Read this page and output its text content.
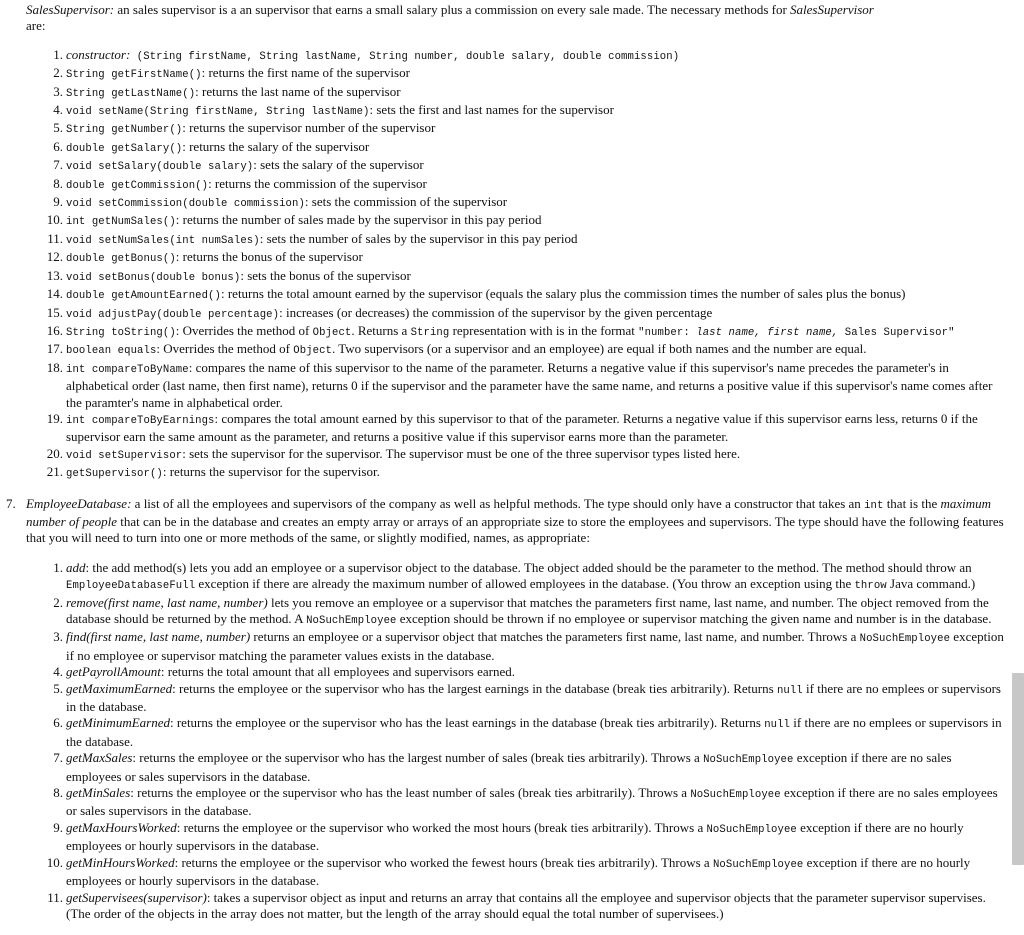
SalesSupervisor: an sales supervisor is a an supervisor that earns a small salary plus a commission on every sale made. The necessary methods for SalesSupervisor
are:
1. constructor: (String firstName, String lastName, String number, double salary, double commission)
2. String getFirstName(): returns the first name of the supervisor
3. String getLastName(): returns the last name of the supervisor
4. void setName(String firstName, String lastName): sets the first and last names for the supervisor
5. String getNumber(): returns the supervisor number of the supervisor
6. double getSalary(): returns the salary of the supervisor
7. void setSalary(double salary): sets the salary of the supervisor
8. double getCommission(): returns the commission of the supervisor
9. void setCommission(double commission): sets the commission of the supervisor
10. int getNumSales(): returns the number of sales made by the supervisor in this pay period
11. void setNumSales(int numSales): sets the number of sales by the supervisor in this pay period
12. double getBonus(): returns the bonus of the supervisor
13. void setBonus(double bonus): sets the bonus of the supervisor
14. double getAmountEarned(): returns the total amount earned by the supervisor (equals the salary plus the commission times the number of sales plus the bonus)
15. void adjustPay(double percentage): increases (or decreases) the commission of the supervisor by the given percentage
16. String toString(): Overrides the method of Object. Returns a String representation with is in the format "number: last name, first name, Sales Supervisor"
17. boolean equals: Overrides the method of Object. Two supervisors (or a supervisor and an employee) are equal if both names and the number are equal.
18. int compareToByName: compares the name of this supervisor to the name of the parameter. Returns a negative value if this supervisor's name precedes the parameter's in alphabetical order (last name, then first name), returns 0 if the supervisor and the parameter have the same name, and returns a positive value if this supervisor's name comes after the paramter's name in alphabetical order.
19. int compareToByEarnings: compares the total amount earned by this supervisor to that of the parameter. Returns a negative value if this supervisor earns less, returns 0 if the supervisor earn the same amount as the parameter, and returns a positive value if this supervisor earns more than the parameter.
20. void setSupervisor: sets the supervisor for the supervisor. The supervisor must be one of the three supervisor types listed here.
21. getSupervisor(): returns the supervisor for the supervisor.
7. EmployeeDatabase: a list of all the employees and supervisors of the company as well as helpful methods. The type should only have a constructor that takes an int that is the maximum number of people that can be in the database and creates an empty array or arrays of an appropriate size to store the employees and supervisors. The type should have the following features that you will need to turn into one or more methods of the same, or slightly modified, names, as appropriate:
1. add: the add method(s) lets you add an employee or a supervisor object to the database. The object added should be the parameter to the method. The method should throw an EmployeeDatabaseFull exception if there are already the maximum number of allowed employees in the database. (You throw an exception using the throw Java command.)
2. remove(first name, last name, number) lets you remove an employee or a supervisor that matches the parameters first name, last name, and number. The object removed from the database should be returned by the method. A NoSuchEmployee exception should be thrown if no employee or supervisor matching the given name and number is in the database.
3. find(first name, last name, number) returns an employee or a supervisor object that matches the parameters first name, last name, and number. Throws a NoSuchEmployee exception if no employee or supervisor matching the parameter values exists in the database.
4. getPayrollAmount: returns the total amount that all employees and supervisors earned.
5. getMaximumEarned: returns the employee or the supervisor who has the largest earnings in the database (break ties arbitrarily). Returns null if there are no emplees or supervisors in the database.
6. getMinimumEarned: returns the employee or the supervisor who has the least earnings in the database (break ties arbitrarily). Returns null if there are no emplees or supervisors in the database.
7. getMaxSales: returns the employee or the supervisor who has the largest number of sales (break ties arbitrarily). Throws a NoSuchEmployee exception if there are no sales employees or sales supervisors in the database.
8. getMinSales: returns the employee or the supervisor who has the least number of sales (break ties arbitrarily). Throws a NoSuchEmployee exception if there are no sales employees or sales supervisors in the database.
9. getMaxHoursWorked: returns the employee or the supervisor who worked the most hours (break ties arbitrarily). Throws a NoSuchEmployee exception if there are no hourly employees or hourly supervisors in the database.
10. getMinHoursWorked: returns the employee or the supervisor who worked the fewest hours (break ties arbitrarily). Throws a NoSuchEmployee exception if there are no hourly employees or hourly supervisors in the database.
11. getSupervisees(supervisor): takes a supervisor object as input and returns an array that contains all the employee and supervisor objects that the parameter supervisor supervises. (The order of the objects in the array does not matter, but the length of the array should equal the total number of supervisees.)
